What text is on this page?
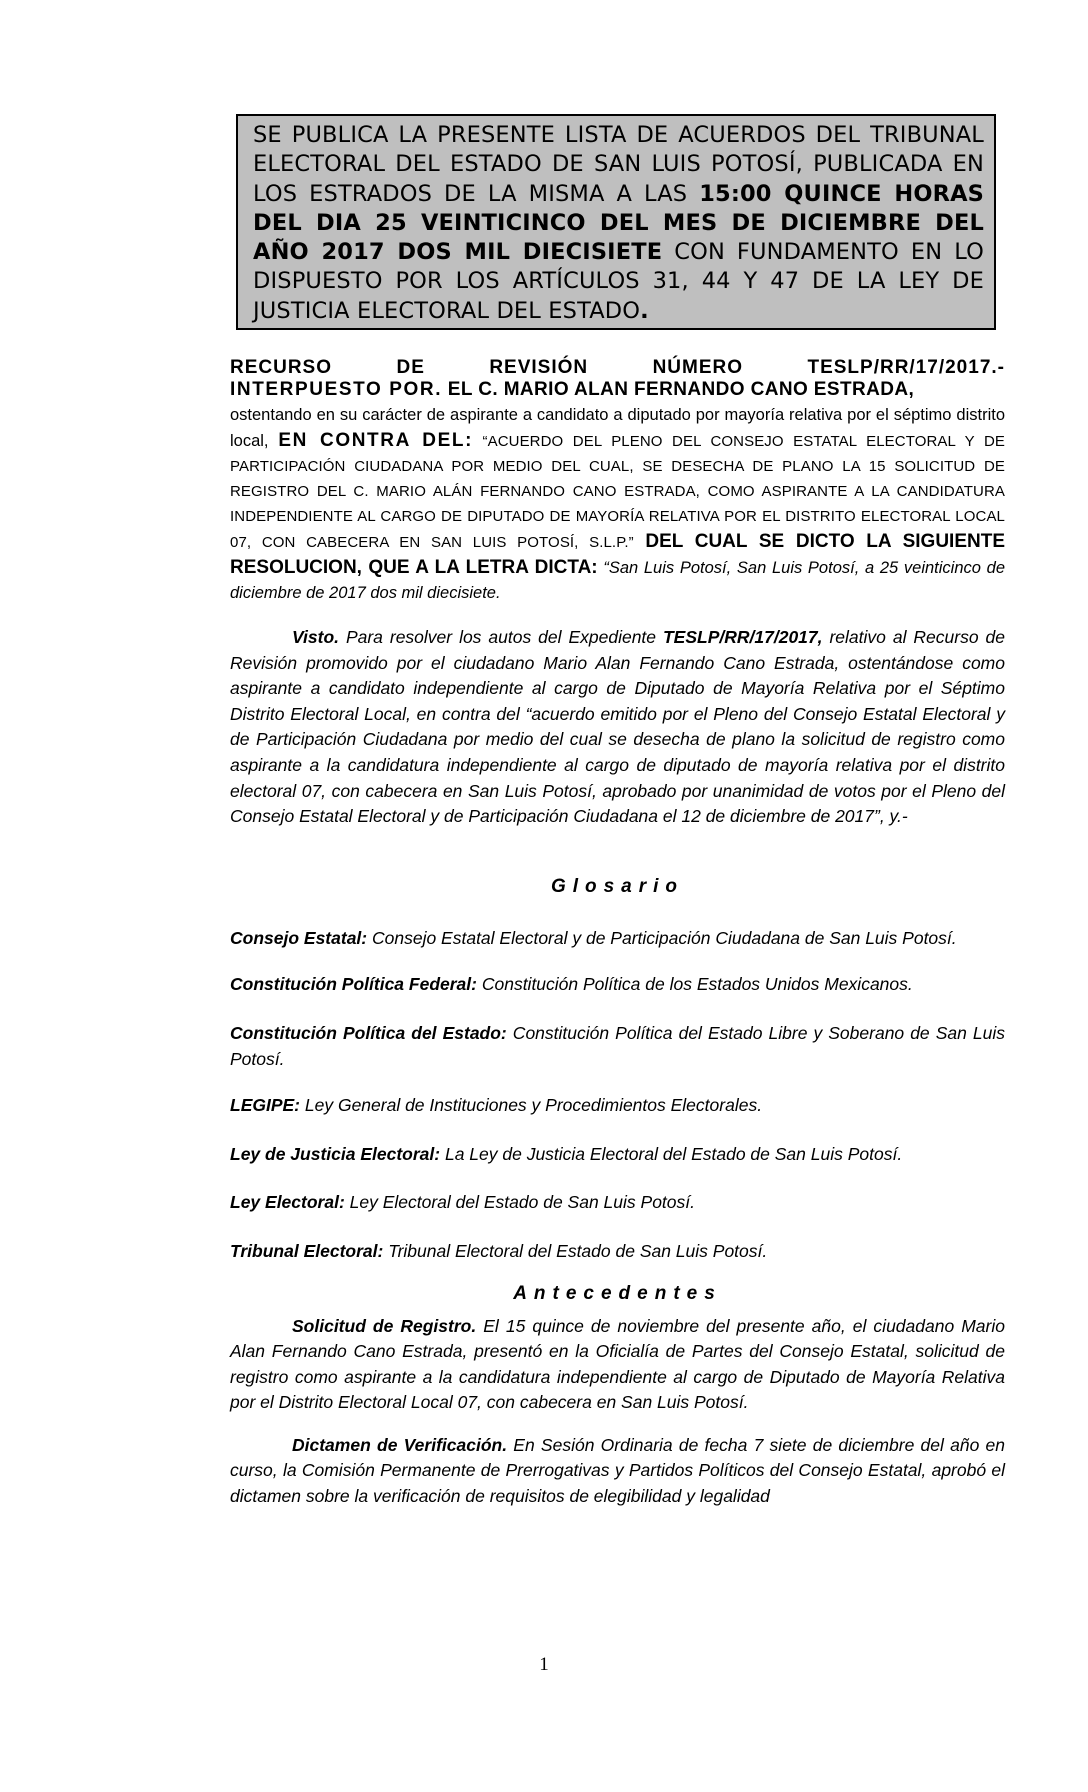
SE PUBLICA LA PRESENTE LISTA DE ACUERDOS DEL TRIBUNAL ELECTORAL DEL ESTADO DE SAN LUIS POTOSÍ, PUBLICADA EN LOS ESTRADOS DE LA MISMA A LAS 15:00 QUINCE HORAS DEL DIA 25 VEINTICINCO DEL MES DE DICIEMBRE DEL AÑO 2017 DOS MIL DIECISIETE CON FUNDAMENTO EN LO DISPUESTO POR LOS ARTÍCULOS 31, 44 Y 47 DE LA LEY DE JUSTICIA ELECTORAL DEL ESTADO.

RECURSO DE REVISIÓN NÚMERO TESLP/RR/17/2017.-

INTERPUESTO POR. EL C. MARIO ALAN FERNANDO CANO ESTRADA,

ostentando en su carácter de aspirante a candidato a diputado por mayoría relativa por el séptimo distrito local, EN CONTRA DEL: “ACUERDO DEL PLENO DEL CONSEJO ESTATAL ELECTORAL Y DE PARTICIPACIÓN CIUDADANA POR MEDIO DEL CUAL, SE DESECHA DE PLANO LA 15 SOLICITUD DE REGISTRO DEL C. MARIO ALÁN FERNANDO CANO ESTRADA, COMO ASPIRANTE A LA CANDIDATURA INDEPENDIENTE AL CARGO DE DIPUTADO DE MAYORÍA RELATIVA POR EL DISTRITO ELECTORAL LOCAL 07, CON CABECERA EN SAN LUIS POTOSÍ, S.L.P.” DEL CUAL SE DICTO LA SIGUIENTE RESOLUCION, QUE A LA LETRA DICTA: “San Luis Potosí, San Luis Potosí, a 25 veinticinco de diciembre de 2017 dos mil diecisiete.

Visto. Para resolver los autos del Expediente TESLP/RR/17/2017, relativo al Recurso de Revisión promovido por el ciudadano Mario Alan Fernando Cano Estrada, ostentándose como aspirante a candidato independiente al cargo de Diputado de Mayoría Relativa por el Séptimo Distrito Electoral Local, en contra del “acuerdo emitido por el Pleno del Consejo Estatal Electoral y de Participación Ciudadana por medio del cual se desecha de plano la solicitud de registro como aspirante a la candidatura independiente al cargo de diputado de mayoría relativa por el distrito electoral 07, con cabecera en San Luis Potosí, aprobado por unanimidad de votos por el Pleno del Consejo Estatal Electoral y de Participación Ciudadana el 12 de diciembre de 2017”, y.-

Glosario

Consejo Estatal: Consejo Estatal Electoral y de Participación Ciudadana de San Luis Potosí.

Constitución Política Federal: Constitución Política de los Estados Unidos Mexicanos.

Constitución Política del Estado: Constitución Política del Estado Libre y Soberano de San Luis Potosí.

LEGIPE: Ley General de Instituciones y Procedimientos Electorales.

Ley de Justicia Electoral: La Ley de Justicia Electoral del Estado de San Luis Potosí.

Ley Electoral: Ley Electoral del Estado de San Luis Potosí.

Tribunal Electoral: Tribunal Electoral del Estado de San Luis Potosí.

Antecedentes

Solicitud de Registro. El 15 quince de noviembre del presente año, el ciudadano Mario Alan Fernando Cano Estrada, presentó en la Oficialía de Partes del Consejo Estatal, solicitud de registro como aspirante a la candidatura independiente al cargo de Diputado de Mayoría Relativa por el Distrito Electoral Local 07, con cabecera en San Luis Potosí.

Dictamen de Verificación. En Sesión Ordinaria de fecha 7 siete de diciembre del año en curso, la Comisión Permanente de Prerrogativas y Partidos Políticos del Consejo Estatal, aprobó el dictamen sobre la verificación de requisitos de elegibilidad y legalidad

1
